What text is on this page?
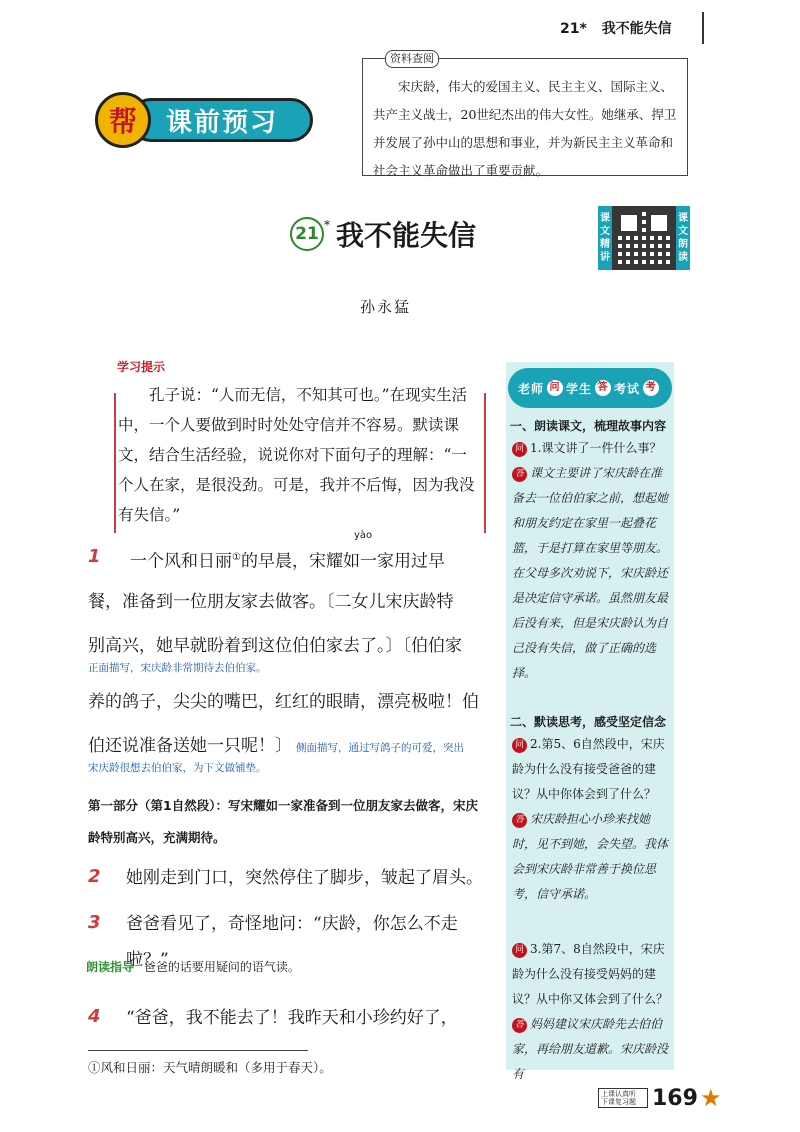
21* 我不能失信
帮	课前预习
资料查阅

宋庆龄，伟大的爱国主义、民主主义、国际主义、共产主义战士，20世纪杰出的伟大女性。她继承、捍卫并发展了孙中山的思想和事业，并为新民主主义革命和社会主义革命做出了重要贡献。

21 * 我不能失信
课文精讲
课文朗读
孙永猛
学习提示

孔子说：“人而无信，不知其可也。”在现实生活中，一个人要做到时时处处守信并不容易。默读课文，结合生活经验，说说你对下面句子的理解：“一个人在家，是很没劲。可是，我并不后悔，因为我没有失信。”

1
yào
一个风和日丽①的早晨，宋耀如一家用过早
餐，准备到一位朋友家去做客。〔二女儿宋庆龄特
别高兴，她早就盼着到这位伯伯家去了。〕〔伯伯家
正面描写，宋庆龄非常期待去伯伯家。
养的鸽子，尖尖的嘴巴，红红的眼睛，漂亮极啦！伯
伯还说准备送她一只呢！〕 侧面描写，通过写鸽子的可爱，突出
宋庆龄很想去伯伯家，为下文做铺垫。
第一部分（第1自然段）：写宋耀如一家准备到一位朋友家去做客，宋庆龄特别高兴，充满期待。
2	她刚走到门口，突然停住了脚步，皱起了眉头。
3	爸爸看见了，奇怪地问：“庆龄，你怎么不走啦？”
朗读指导 爸爸的话要用疑问的语气读。
4	“爸爸，我不能去了！我昨天和小珍约好了，
①风和日丽：天气晴朗暖和（多用于春天）。
老师 问 学生 答 考试 考
一、朗读课文，梳理故事内容
问 1.课文讲了一件什么事？
答 课文主要讲了宋庆龄在准备去一位伯伯家之前，想起她和朋友约定在家里一起叠花篮，于是打算在家里等朋友。在父母多次劝说下，宋庆龄还是决定信守承诺。虽然朋友最后没有来，但是宋庆龄认为自己没有失信，做了正确的选择。
二、默读思考，感受坚定信念
问 2.第5、6自然段中，宋庆龄为什么没有接受爸爸的建议？从中你体会到了什么？
答 宋庆龄担心小珍来找她时，见不到她，会失望。我体会到宋庆龄非常善于换位思考，信守承诺。
问 3.第7、8自然段中，宋庆龄为什么没有接受妈妈的建议？从中你又体会到了什么？
答 妈妈建议宋庆龄先去伯伯家，再给朋友道歉。宋庆龄没有
上课认真听
下课复习题 169 ★
